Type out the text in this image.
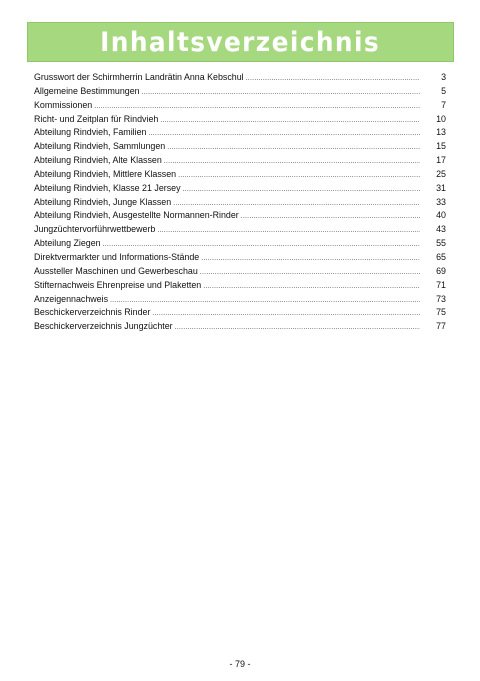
Inhaltsverzeichnis
Grusswort der Schirmherrin Landrätin Anna Kebschul .....	3
Allgemeine Bestimmungen .....	5
Kommissionen .....	7
Richt- und Zeitplan für Rindvieh .....	10
Abteilung Rindvieh, Familien .....	13
Abteilung Rindvieh, Sammlungen .....	15
Abteilung Rindvieh, Alte Klassen .....	17
Abteilung Rindvieh, Mittlere Klassen .....	25
Abteilung Rindvieh, Klasse 21 Jersey .....	31
Abteilung Rindvieh, Junge Klassen .....	33
Abteilung Rindvieh, Ausgestellte Normannen-Rinder .....	40
Jungzüchtervorführwettbewerb .....	43
Abteilung Ziegen .....	55
Direktvermarkter und Informations-Stände .....	65
Aussteller Maschinen und Gewerbeschau .....	69
Stifternachweis Ehrenpreise und Plaketten .....	71
Anzeigennachweis .....	73
Beschickerverzeichnis Rinder .....	75
Beschickerverzeichnis Jungzüchter .....	77
- 79 -
